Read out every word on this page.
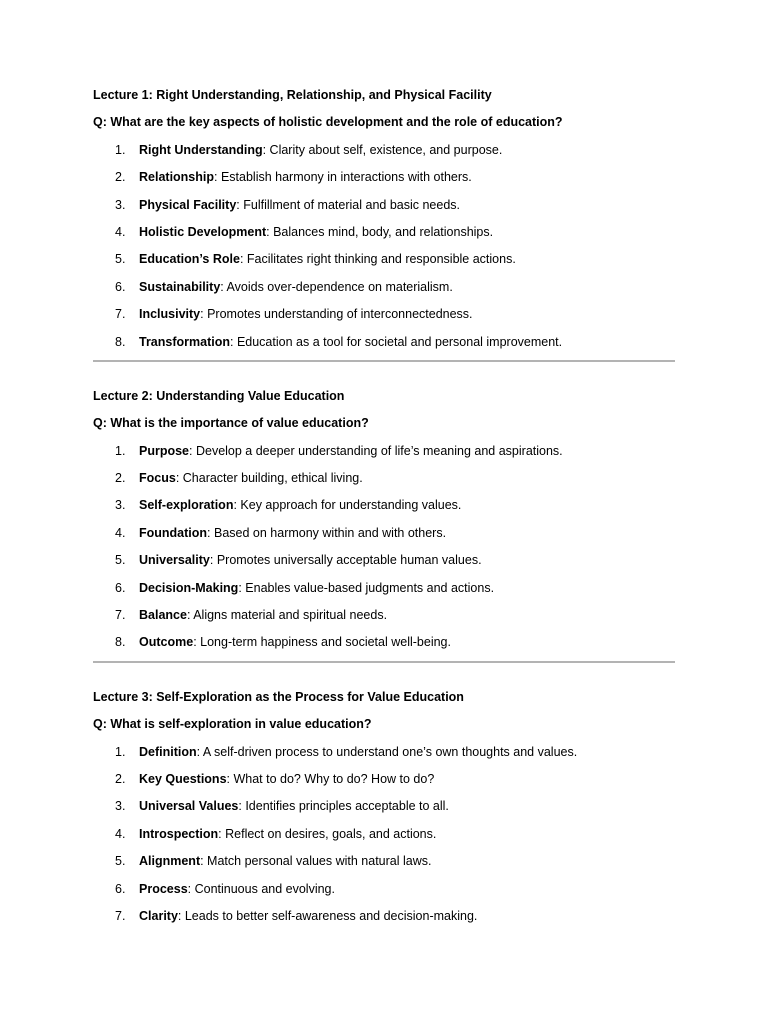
Lecture 1: Right Understanding, Relationship, and Physical Facility

Q: What are the key aspects of holistic development and the role of education?

1. Right Understanding: Clarity about self, existence, and purpose.
2. Relationship: Establish harmony in interactions with others.
3. Physical Facility: Fulfillment of material and basic needs.
4. Holistic Development: Balances mind, body, and relationships.
5. Education’s Role: Facilitates right thinking and responsible actions.
6. Sustainability: Avoids over-dependence on materialism.
7. Inclusivity: Promotes understanding of interconnectedness.
8. Transformation: Education as a tool for societal and personal improvement.

Lecture 2: Understanding Value Education

Q: What is the importance of value education?

1. Purpose: Develop a deeper understanding of life’s meaning and aspirations.
2. Focus: Character building, ethical living.
3. Self-exploration: Key approach for understanding values.
4. Foundation: Based on harmony within and with others.
5. Universality: Promotes universally acceptable human values.
6. Decision-Making: Enables value-based judgments and actions.
7. Balance: Aligns material and spiritual needs.
8. Outcome: Long-term happiness and societal well-being.

Lecture 3: Self-Exploration as the Process for Value Education

Q: What is self-exploration in value education?

1. Definition: A self-driven process to understand one’s own thoughts and values.
2. Key Questions: What to do? Why to do? How to do?
3. Universal Values: Identifies principles acceptable to all.
4. Introspection: Reflect on desires, goals, and actions.
5. Alignment: Match personal values with natural laws.
6. Process: Continuous and evolving.
7. Clarity: Leads to better self-awareness and decision-making.
